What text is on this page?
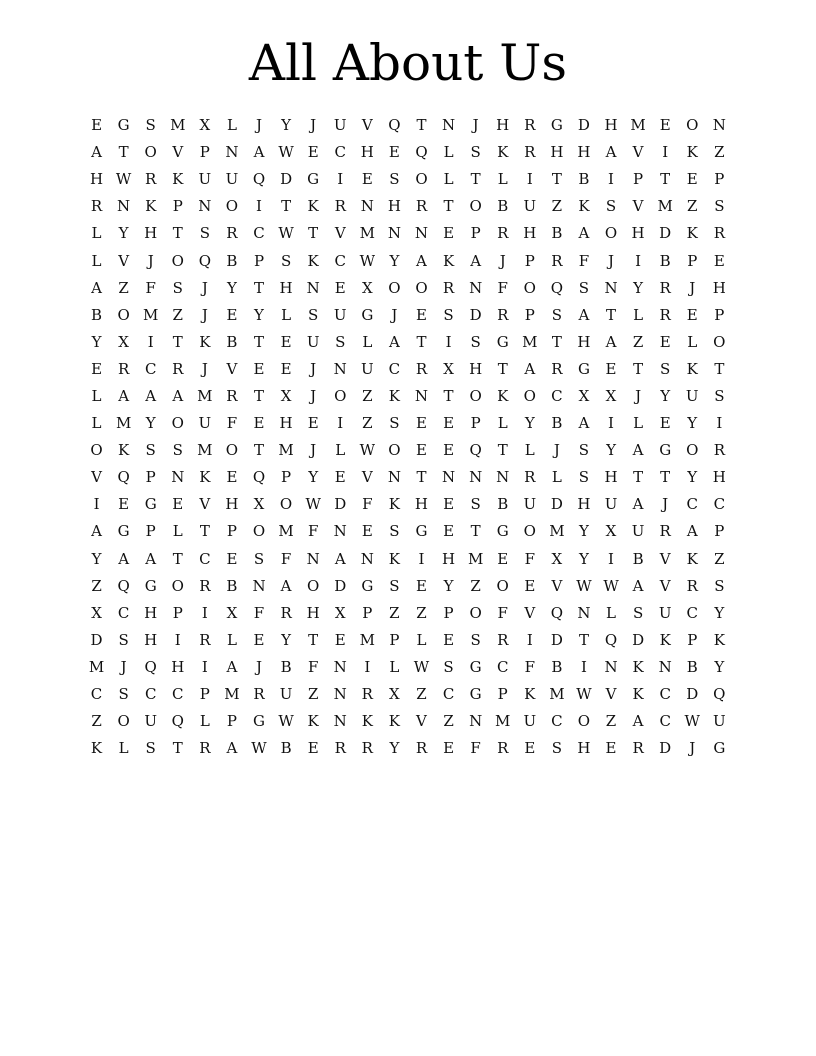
All About Us
E	G	S M X	L	J	Y	J	U	V	Q	T	N	J	H R	G	D H M E	O N
A	T	O	V	P	N	A W E	C H	E	Q	L	S	K	R H H	A	V	I	K	Z
H W R	K	U U Q D	G	I	E	S	O	L	T	L	I	T	B	I	P	T	E	P
R N K	P	N O	I	T	K	R N H R	T	O	B	U	Z	K	S	V M Z	S
L	Y	H	T	S	R	C W T	V M N N	E	P	R H	B	A	O H D	K	R
L	V	J	O Q	B	P	S	K	C W Y	A	K	A	J	P	R	F	J	I	B	P	E
A	Z	F	S	J	Y	T	H N	E	X	O O	R N	F	O Q	S	N	Y	R	J	H
B	O M Z	J	E	Y	L	S	U G	J	E	S	D	R	P	S	A	T	L	R	E	P
Y	X	I	T	K	B	T	E	U	S	L	A	T	I	S	G M T	H	A	Z	E	L	O
E	R	C	R	J	V	E	E	J	N U	C	R	X	H	T	A	R	G	E	T	S	K	T
L	A	A	A M R	T	X	J	O	Z	K N	T	O	K	O	C	X	X	J	Y	U	S
L M Y	O U	F	E	H	E	I	Z	S	E	E	P	L	Y	B	A	I	L	E	Y	I
O	K	S	S M O	T M	J	L W O	E	E	Q	T	L	J	S	Y	A	G O	R
V	Q	P	N K	E	Q	P	Y	E	V	N	T	N N N R	L	S	H	T	T	Y	H
I	E	G	E	V	H	X	O W D	F	K H	E	S	B	U D H U	A	J	C	C
A	G	P	L	T	P	O M F	N	E	S	G	E	T	G O M Y	X	U	R	A	P
Y	A	A	T	C	E	S	F	N	A	N K	I	H M E	F	X	Y	I	B	V	K	Z
Z	Q G O	R	B	N	A	O D	G	S	E	Y	Z	O	E	V W W A	V	R	S
X	C H	P	I	X	F	R H	X	P	Z	Z	P	O	F	V	Q N	L	S	U	C	Y
D	S	H	I	R	L	E	Y	T	E M P	L	E	S	R	I	D	T	Q D	K	P	K
M	J	Q H	I	A	J	B	F	N	I	L W S	G	C	F	B	I	N K N	B	Y
C	S	C	C	P M R	U	Z	N R	X	Z	C	G	P	K M W V	K	C	D Q
Z	O U Q	L	P	G W K N K	K	V	Z	N M U	C	O	Z	A	C W U
K	L	S	T	R	A W B	E	R	R	Y	R	E	F	R	E	S	H	E	R	D	J	G
